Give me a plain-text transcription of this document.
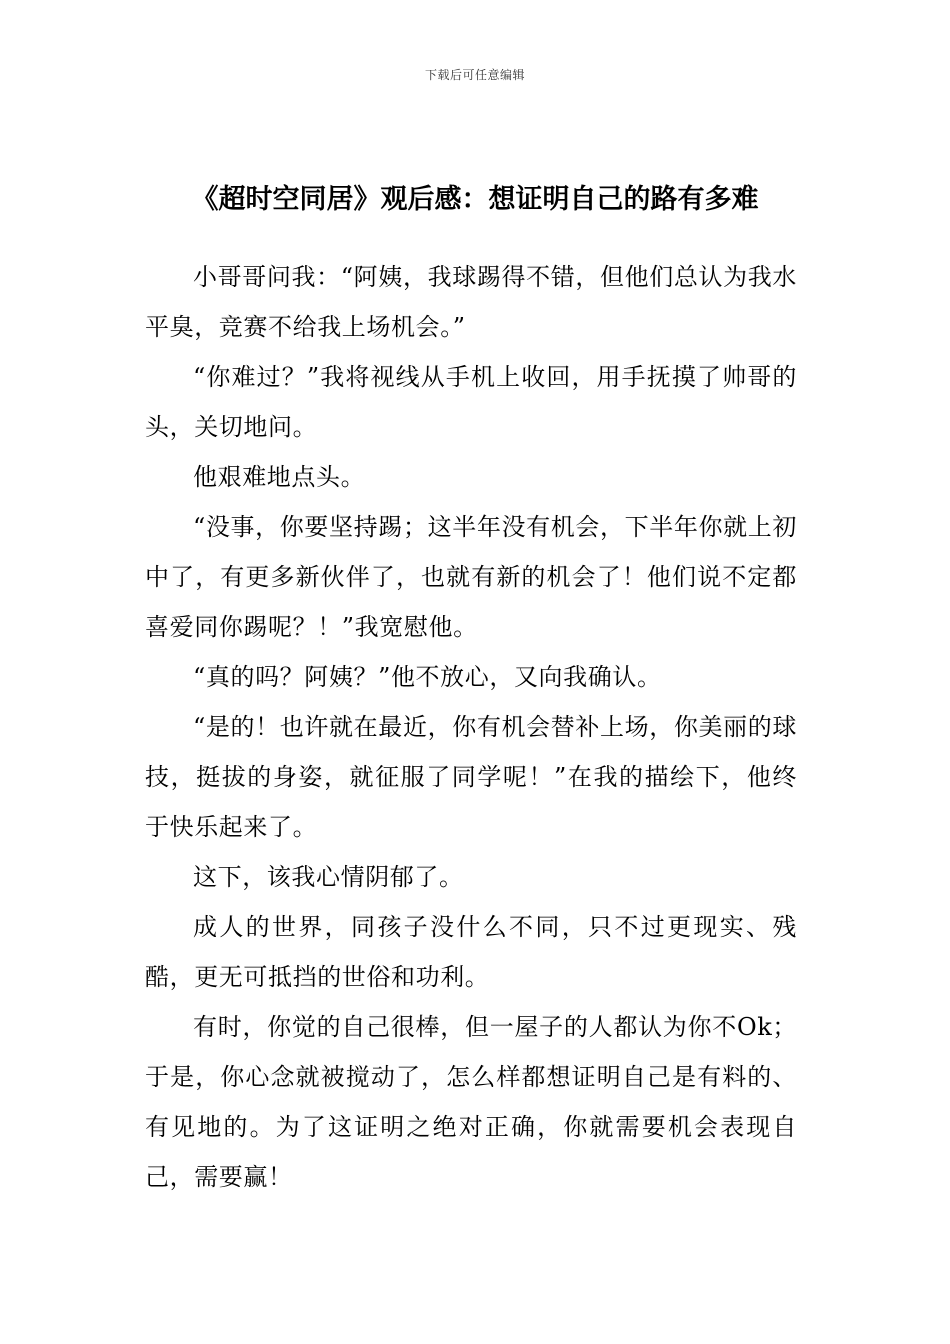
下载后可任意编辑
《超时空同居》观后感：想证明自己的路有多难

小哥哥问我：“阿姨，我球踢得不错，但他们总认为我水平臭，竞赛不给我上场机会。”

“你难过？”我将视线从手机上收回，用手抚摸了帅哥的头，关切地问。

他艰难地点头。

“没事，你要坚持踢；这半年没有机会，下半年你就上初中了，有更多新伙伴了，也就有新的机会了！他们说不定都喜爱同你踢呢？！”我宽慰他。

“真的吗？阿姨？”他不放心，又向我确认。

“是的！也许就在最近，你有机会替补上场，你美丽的球技，挺拔的身姿，就征服了同学呢！”在我的描绘下，他终于快乐起来了。

这下，该我心情阴郁了。

成人的世界，同孩子没什么不同，只不过更现实、残酷，更无可抵挡的世俗和功利。

有时，你觉的自己很棒，但一屋子的人都认为你不Ok；于是，你心念就被搅动了，怎么样都想证明自己是有料的、有见地的。为了这证明之绝对正确，你就需要机会表现自己，需要赢！
